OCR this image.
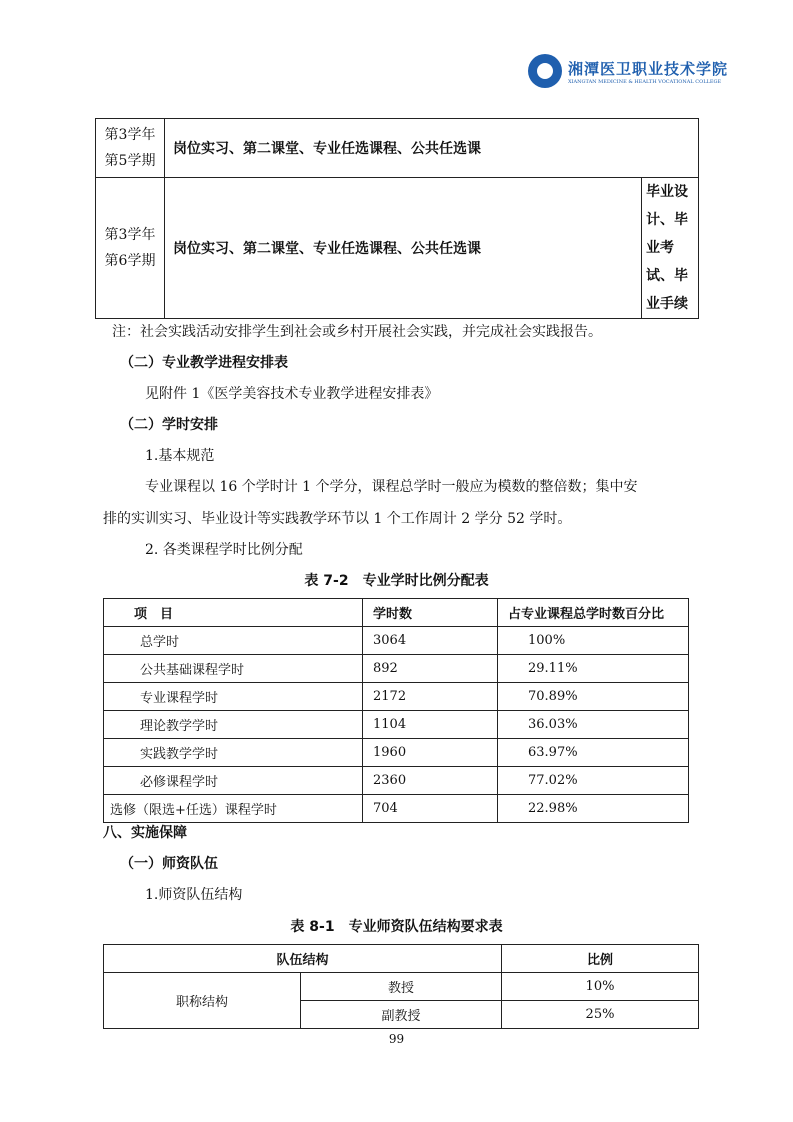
湘潭医卫职业技术学院
XIANGTAN MEDICINE & HEALTH VOCATIONAL COLLEGE
第3学年
第5学期	岗位实习、第二课堂、专业任选课程、公共任选课	
第3学年
第6学期	岗位实习、第二课堂、专业任选课程、公共任选课	毕业设
计、毕
业考
试、毕
业手续
注：社会实践活动安排学生到社会或乡村开展社会实践，并完成社会实践报告。
（二）专业教学进程安排表
见附件 1《医学美容技术专业教学进程安排表》
（二）学时安排
1.基本规范
专业课程以 16 个学时计 1 个学分，课程总学时一般应为模数的整倍数；集中安
排的实训实习、毕业设计等实践教学环节以 1 个工作周计 2 学分 52 学时。
2. 各类课程学时比例分配
表 7-2　专业学时比例分配表
项　目	学时数	占专业课程总学时数百分比
总学时	3064	100%
公共基础课程学时	892	29.11%
专业课程学时	2172	70.89%
理论教学学时	1104	36.03%
实践教学学时	1960	63.97%
必修课程学时	2360	77.02%
选修（限选+任选）课程学时	704	22.98%
八、实施保障
（一）师资队伍
1.师资队伍结构
表 8-1　专业师资队伍结构要求表
队伍结构		比例
职称结构	教授	10%
	副教授	25%
99
